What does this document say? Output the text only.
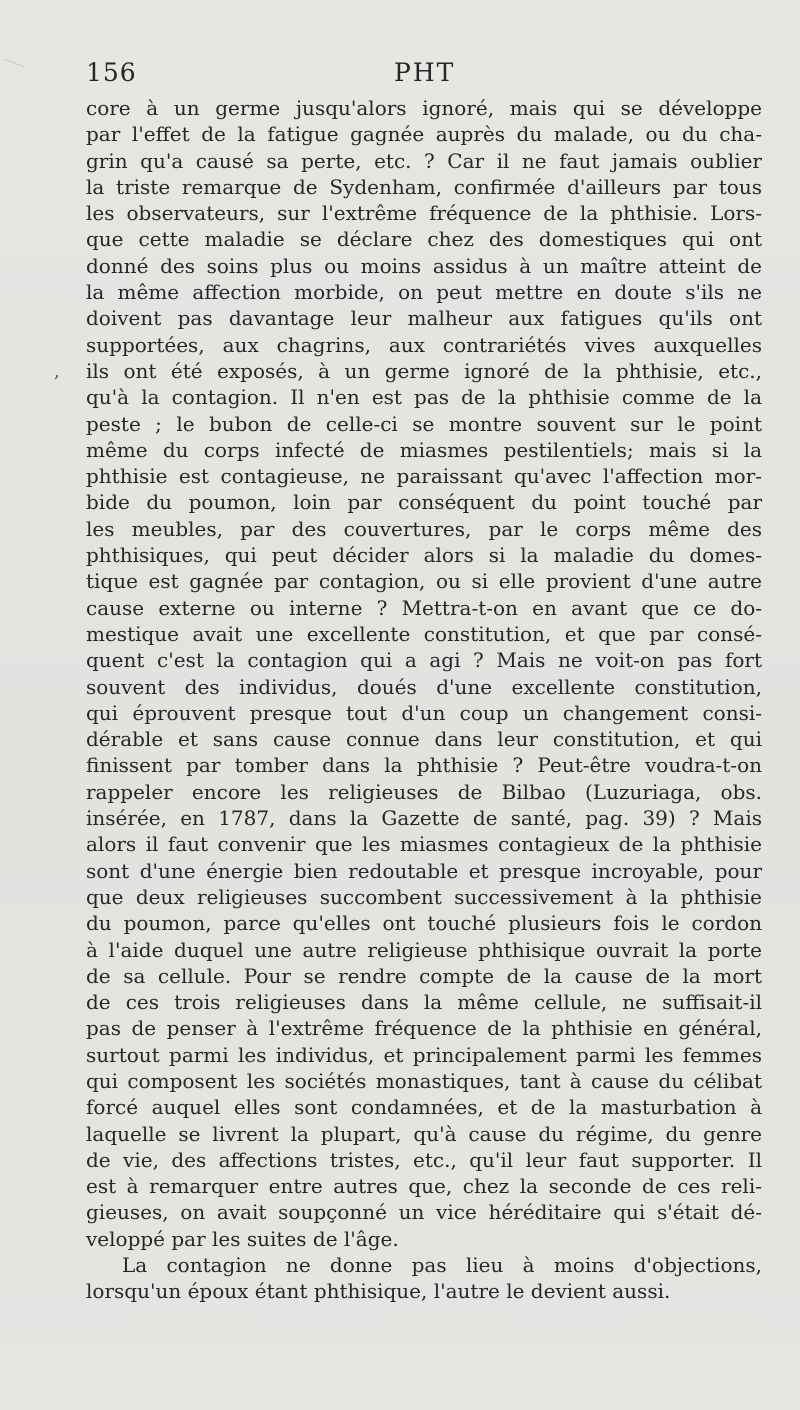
156	PHT
,
core à un germe jusqu'alors ignoré, mais qui se développe
par l'effet de la fatigue gagnée auprès du malade, ou du cha-
grin qu'a causé sa perte, etc. ? Car il ne faut jamais oublier
la triste remarque de Sydenham, confirmée d'ailleurs par tous
les observateurs, sur l'extrême fréquence de la phthisie. Lors-
que cette maladie se déclare chez des domestiques qui ont
donné des soins plus ou moins assidus à un maître atteint de
la même affection morbide, on peut mettre en doute s'ils ne
doivent pas davantage leur malheur aux fatigues qu'ils ont
supportées, aux chagrins, aux contrariétés vives auxquelles
ils ont été exposés, à un germe ignoré de la phthisie, etc.,
qu'à la contagion. Il n'en est pas de la phthisie comme de la
peste ; le bubon de celle-ci se montre souvent sur le point
même du corps infecté de miasmes pestilentiels; mais si la
phthisie est contagieuse, ne paraissant qu'avec l'affection mor-
bide du poumon, loin par conséquent du point touché par
les meubles, par des couvertures, par le corps même des
phthisiques, qui peut décider alors si la maladie du domes-
tique est gagnée par contagion, ou si elle provient d'une autre
cause externe ou interne ? Mettra-t-on en avant que ce do-
mestique avait une excellente constitution, et que par consé-
quent c'est la contagion qui a agi ? Mais ne voit-on pas fort
souvent des individus, doués d'une excellente constitution,
qui éprouvent presque tout d'un coup un changement consi-
dérable et sans cause connue dans leur constitution, et qui
finissent par tomber dans la phthisie ? Peut-être voudra-t-on
rappeler encore les religieuses de Bilbao (Luzuriaga, obs.
insérée, en 1787, dans la Gazette de santé, pag. 39) ? Mais
alors il faut convenir que les miasmes contagieux de la phthisie
sont d'une énergie bien redoutable et presque incroyable, pour
que deux religieuses succombent successivement à la phthisie
du poumon, parce qu'elles ont touché plusieurs fois le cordon
à l'aide duquel une autre religieuse phthisique ouvrait la porte
de sa cellule. Pour se rendre compte de la cause de la mort
de ces trois religieuses dans la même cellule, ne suffisait-il
pas de penser à l'extrême fréquence de la phthisie en général,
surtout parmi les individus, et principalement parmi les femmes
qui composent les sociétés monastiques, tant à cause du célibat
forcé auquel elles sont condamnées, et de la masturbation à
laquelle se livrent la plupart, qu'à cause du régime, du genre
de vie, des affections tristes, etc., qu'il leur faut supporter. Il
est à remarquer entre autres que, chez la seconde de ces reli-
gieuses, on avait soupçonné un vice héréditaire qui s'était dé-
veloppé par les suites de l'âge.
La contagion ne donne pas lieu à moins d'objections,
lorsqu'un époux étant phthisique, l'autre le devient aussi.
